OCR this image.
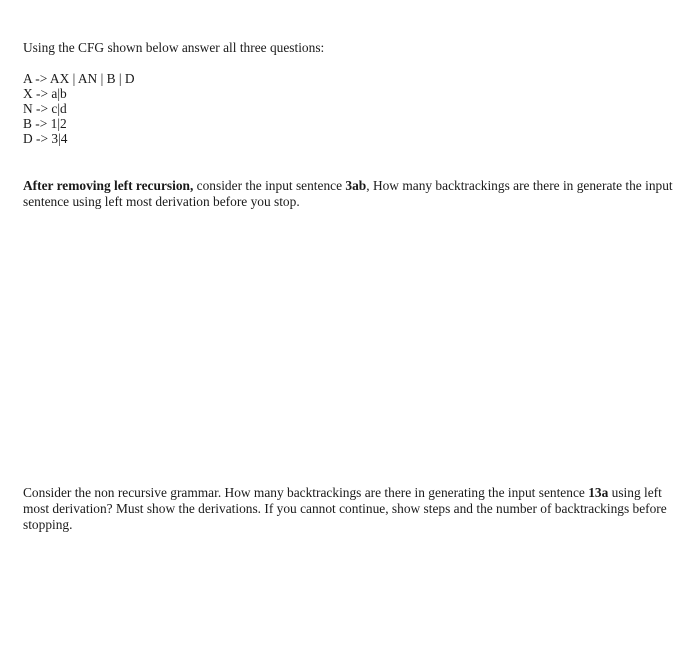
Using the CFG shown below answer all three questions:
A -> AX | AN | B | D
X -> a|b
N -> c|d
B -> 1|2
D -> 3|4

After removing left recursion, consider the input sentence 3ab, How many backtrackings are there in generate the input sentence using left most derivation before you stop.

Consider the non recursive grammar. How many backtrackings are there in generating the input sentence 13a using left most derivation? Must show the derivations. If you cannot continue, show steps and the number of backtrackings before stopping.
